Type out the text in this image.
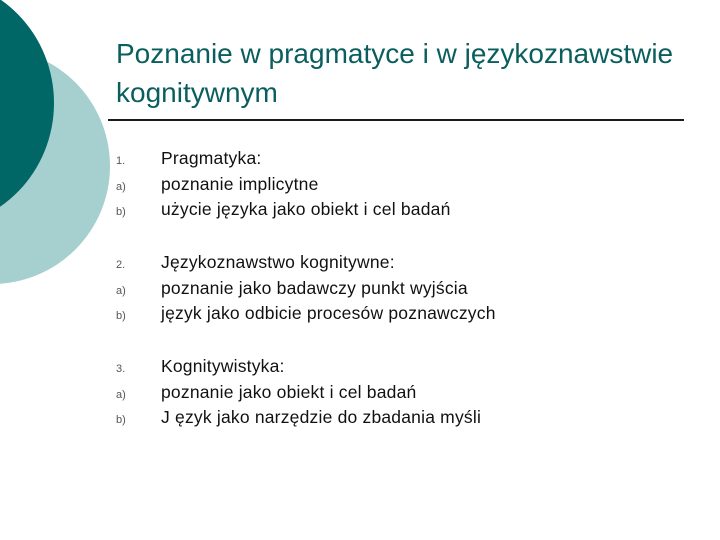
Poznanie w pragmatyce i w językoznawstwie kognitywnym
1. Pragmatyka:
a) poznanie implicytne
b) użycie języka jako obiekt i cel badań
2. Językoznawstwo kognitywne:
a) poznanie jako badawczy punkt wyjścia
b) język jako odbicie procesów poznawczych
3. Kognitywistyka:
a) poznanie jako obiekt i cel badań
b) J ęzyk jako narzędzie do zbadania myśli
